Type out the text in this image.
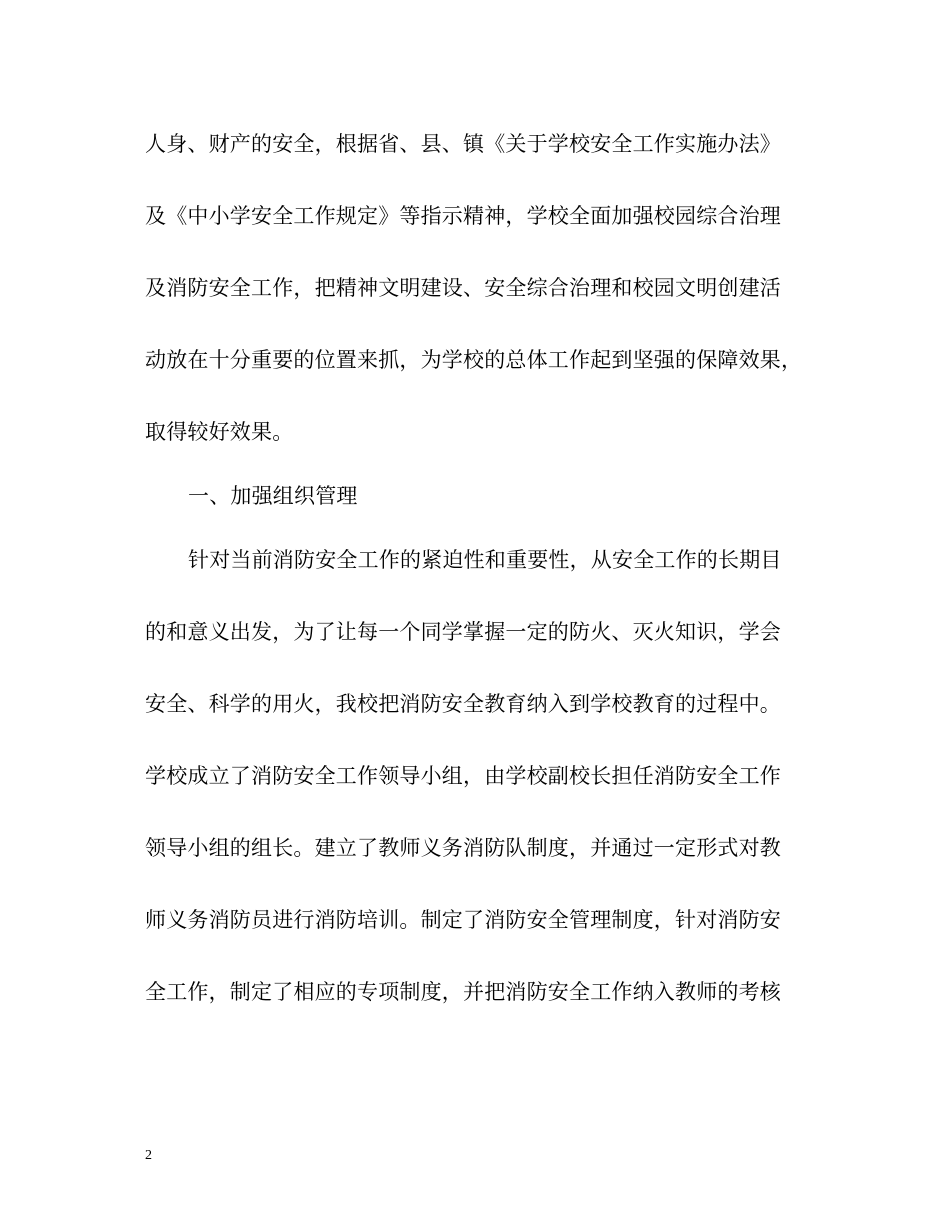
人身、财产的安全，根据省、县、镇《关于学校安全工作实施办法》
及《中小学安全工作规定》等指示精神，学校全面加强校园综合治理
及消防安全工作，把精神文明建设、安全综合治理和校园文明创建活
动放在十分重要的位置来抓，为学校的总体工作起到坚强的保障效果，
取得较好效果。
一、加强组织管理
针对当前消防安全工作的紧迫性和重要性，从安全工作的长期目
的和意义出发，为了让每一个同学掌握一定的防火、灭火知识，学会
安全、科学的用火，我校把消防安全教育纳入到学校教育的过程中。
学校成立了消防安全工作领导小组，由学校副校长担任消防安全工作
领导小组的组长。建立了教师义务消防队制度，并通过一定形式对教
师义务消防员进行消防培训。制定了消防安全管理制度，针对消防安
全工作，制定了相应的专项制度，并把消防安全工作纳入教师的考核
2
